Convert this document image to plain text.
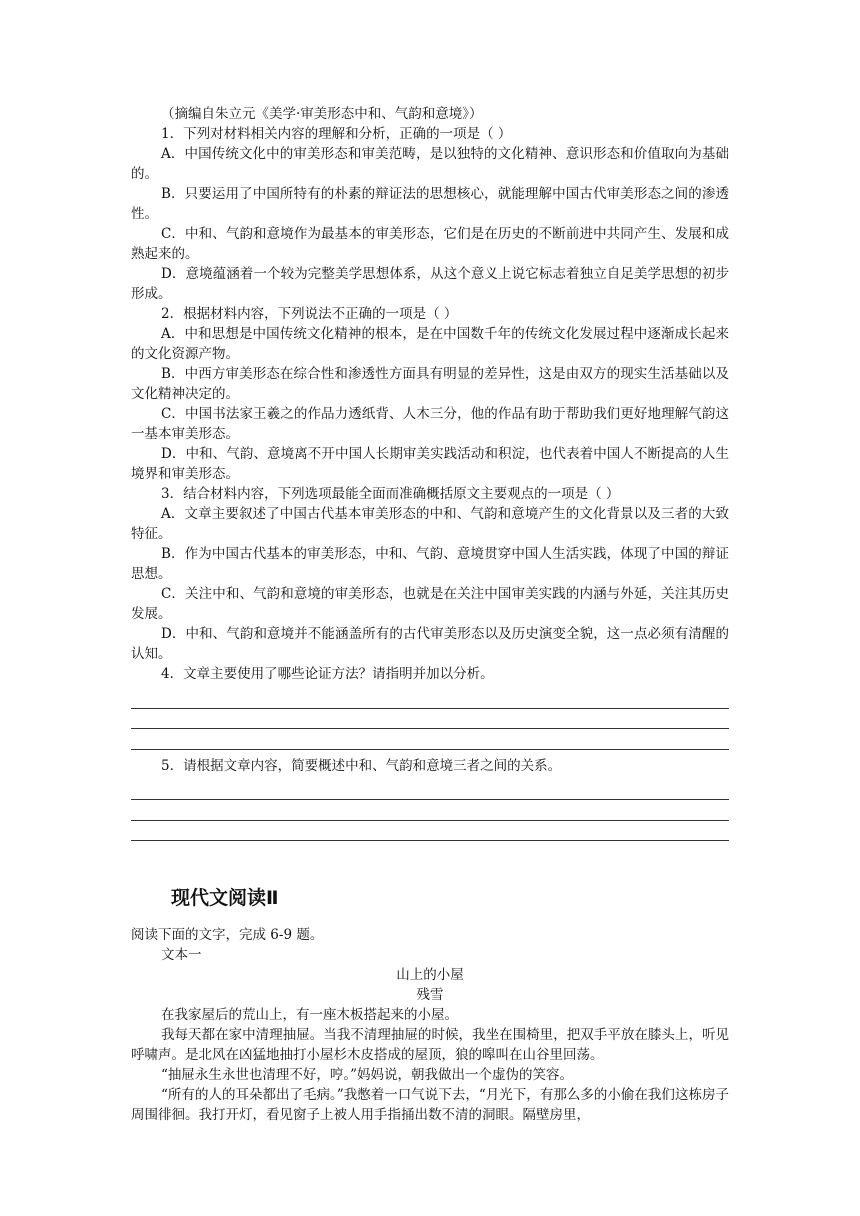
（摘编自朱立元《美学·审美形态中和、气韵和意境》）

1．下列对材料相关内容的理解和分析，正确的一项是（ ）

A．中国传统文化中的审美形态和审美范畴，是以独特的文化精神、意识形态和价值取向为基础的。

B．只要运用了中国所特有的朴素的辩证法的思想核心，就能理解中国古代审美形态之间的渗透性。

C．中和、气韵和意境作为最基本的审美形态，它们是在历史的不断前进中共同产生、发展和成熟起来的。

D．意境蕴涵着一个较为完整美学思想体系，从这个意义上说它标志着独立自足美学思想的初步形成。

2．根据材料内容，下列说法不正确的一项是（ ）

A．中和思想是中国传统文化精神的根本，是在中国数千年的传统文化发展过程中逐渐成长起来的文化资源产物。

B．中西方审美形态在综合性和渗透性方面具有明显的差异性，这是由双方的现实生活基础以及文化精神决定的。

C．中国书法家王羲之的作品力透纸背、人木三分，他的作品有助于帮助我们更好地理解气韵这一基本审美形态。

D．中和、气韵、意境离不开中国人长期审美实践活动和积淀，也代表着中国人不断提高的人生境界和审美形态。

3．结合材料内容，下列选项最能全面而准确概括原文主要观点的一项是（ ）

A．文章主要叙述了中国古代基本审美形态的中和、气韵和意境产生的文化背景以及三者的大致特征。

B．作为中国古代基本的审美形态，中和、气韵、意境贯穿中国人生活实践，体现了中国的辩证思想。

C．关注中和、气韵和意境的审美形态，也就是在关注中国审美实践的内涵与外延，关注其历史发展。

D．中和、气韵和意境并不能涵盖所有的古代审美形态以及历史演变全貌，这一点必须有清醒的认知。

4．文章主要使用了哪些论证方法？请指明并加以分析。

5．请根据文章内容，简要概述中和、气韵和意境三者之间的关系。

现代文阅读Ⅱ

阅读下面的文字，完成 6-9 题。

文本一

山上的小屋

残雪

在我家屋后的荒山上，有一座木板搭起来的小屋。

我每天都在家中清理抽屉。当我不清理抽屉的时候，我坐在围椅里，把双手平放在膝头上，听见呼啸声。是北风在凶猛地抽打小屋杉木皮搭成的屋顶，狼的嗥叫在山谷里回荡。

“抽屉永生永世也清理不好，哼。”妈妈说，朝我做出一个虚伪的笑容。

“所有的人的耳朵都出了毛病。”我憋着一口气说下去，“月光下，有那么多的小偷在我们这栋房子周围徘徊。我打开灯，看见窗子上被人用手指捅出数不清的洞眼。隔壁房里，
